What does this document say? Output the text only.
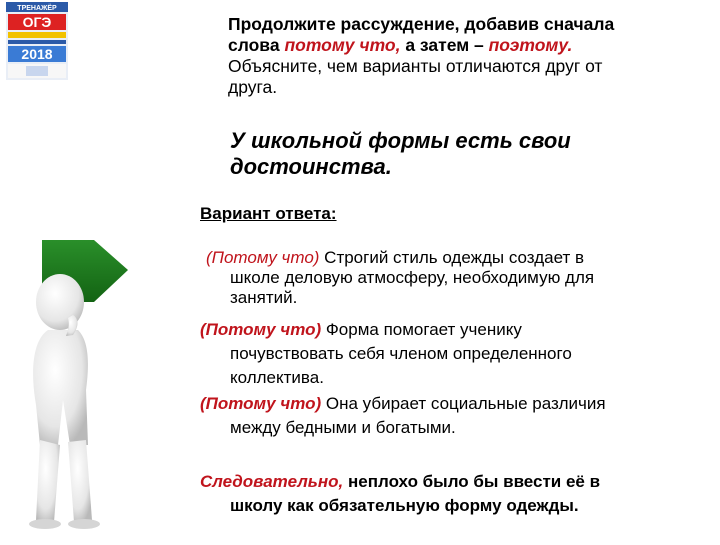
ТРЕНАЖЁР
ОГЭ
2018
Продолжите рассуждение, добавив сначала
слова потому что, а затем – поэтому.
Объясните, чем варианты отличаются друг от
друга.
У школьной формы есть свои
достоинства.
Вариант ответа:
(Потому что) Строгий стиль одежды создает в
школе деловую атмосферу, необходимую для
занятий.
(Потому что) Форма помогает ученику
почувствовать себя членом определенного
коллектива.
(Потому что) Она убирает социальные различия
между бедными и богатыми.
Следовательно, неплохо было бы ввести её в
школу как обязательную форму одежды.
